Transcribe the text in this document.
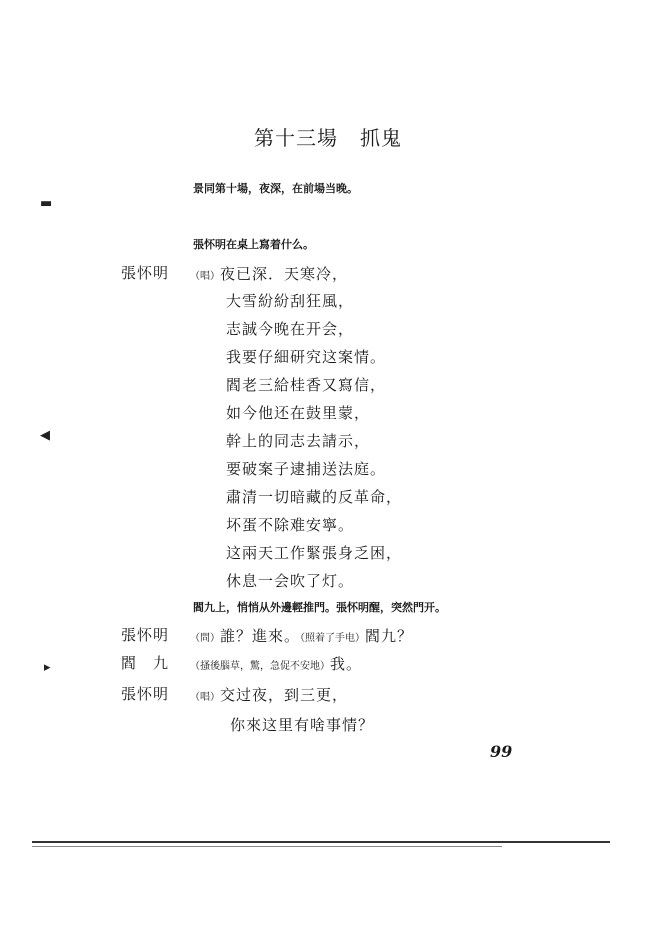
第十三場 抓鬼
景同第十場，夜深，在前場当晚。
張怀明在桌上寫着什么。
張怀明 （唱）夜已深．天寒冷，
大雪紛紛刮狂風，
志誠今晚在开会，
我要仔細研究这案情。
閻老三給桂香又寫信，
如今他还在鼓里蒙，
幹上的同志去請示，
要破案子逮捕送法庭。
肅清一切暗藏的反革命，
坏蛋不除难安寧。
这兩天工作緊張身乏困，
休息一会吹了灯。
閻九上，悄悄从外邊輕推門。張怀明醒，突然門开。
張怀明 （問）誰？進來。（照着了手电）閻九？
閻　九 （搔後腦草，驚，急促不安地）我。
張怀明 （唱）交过夜，到三更，
你來这里有啥事情？
99
▬
◀
▸
